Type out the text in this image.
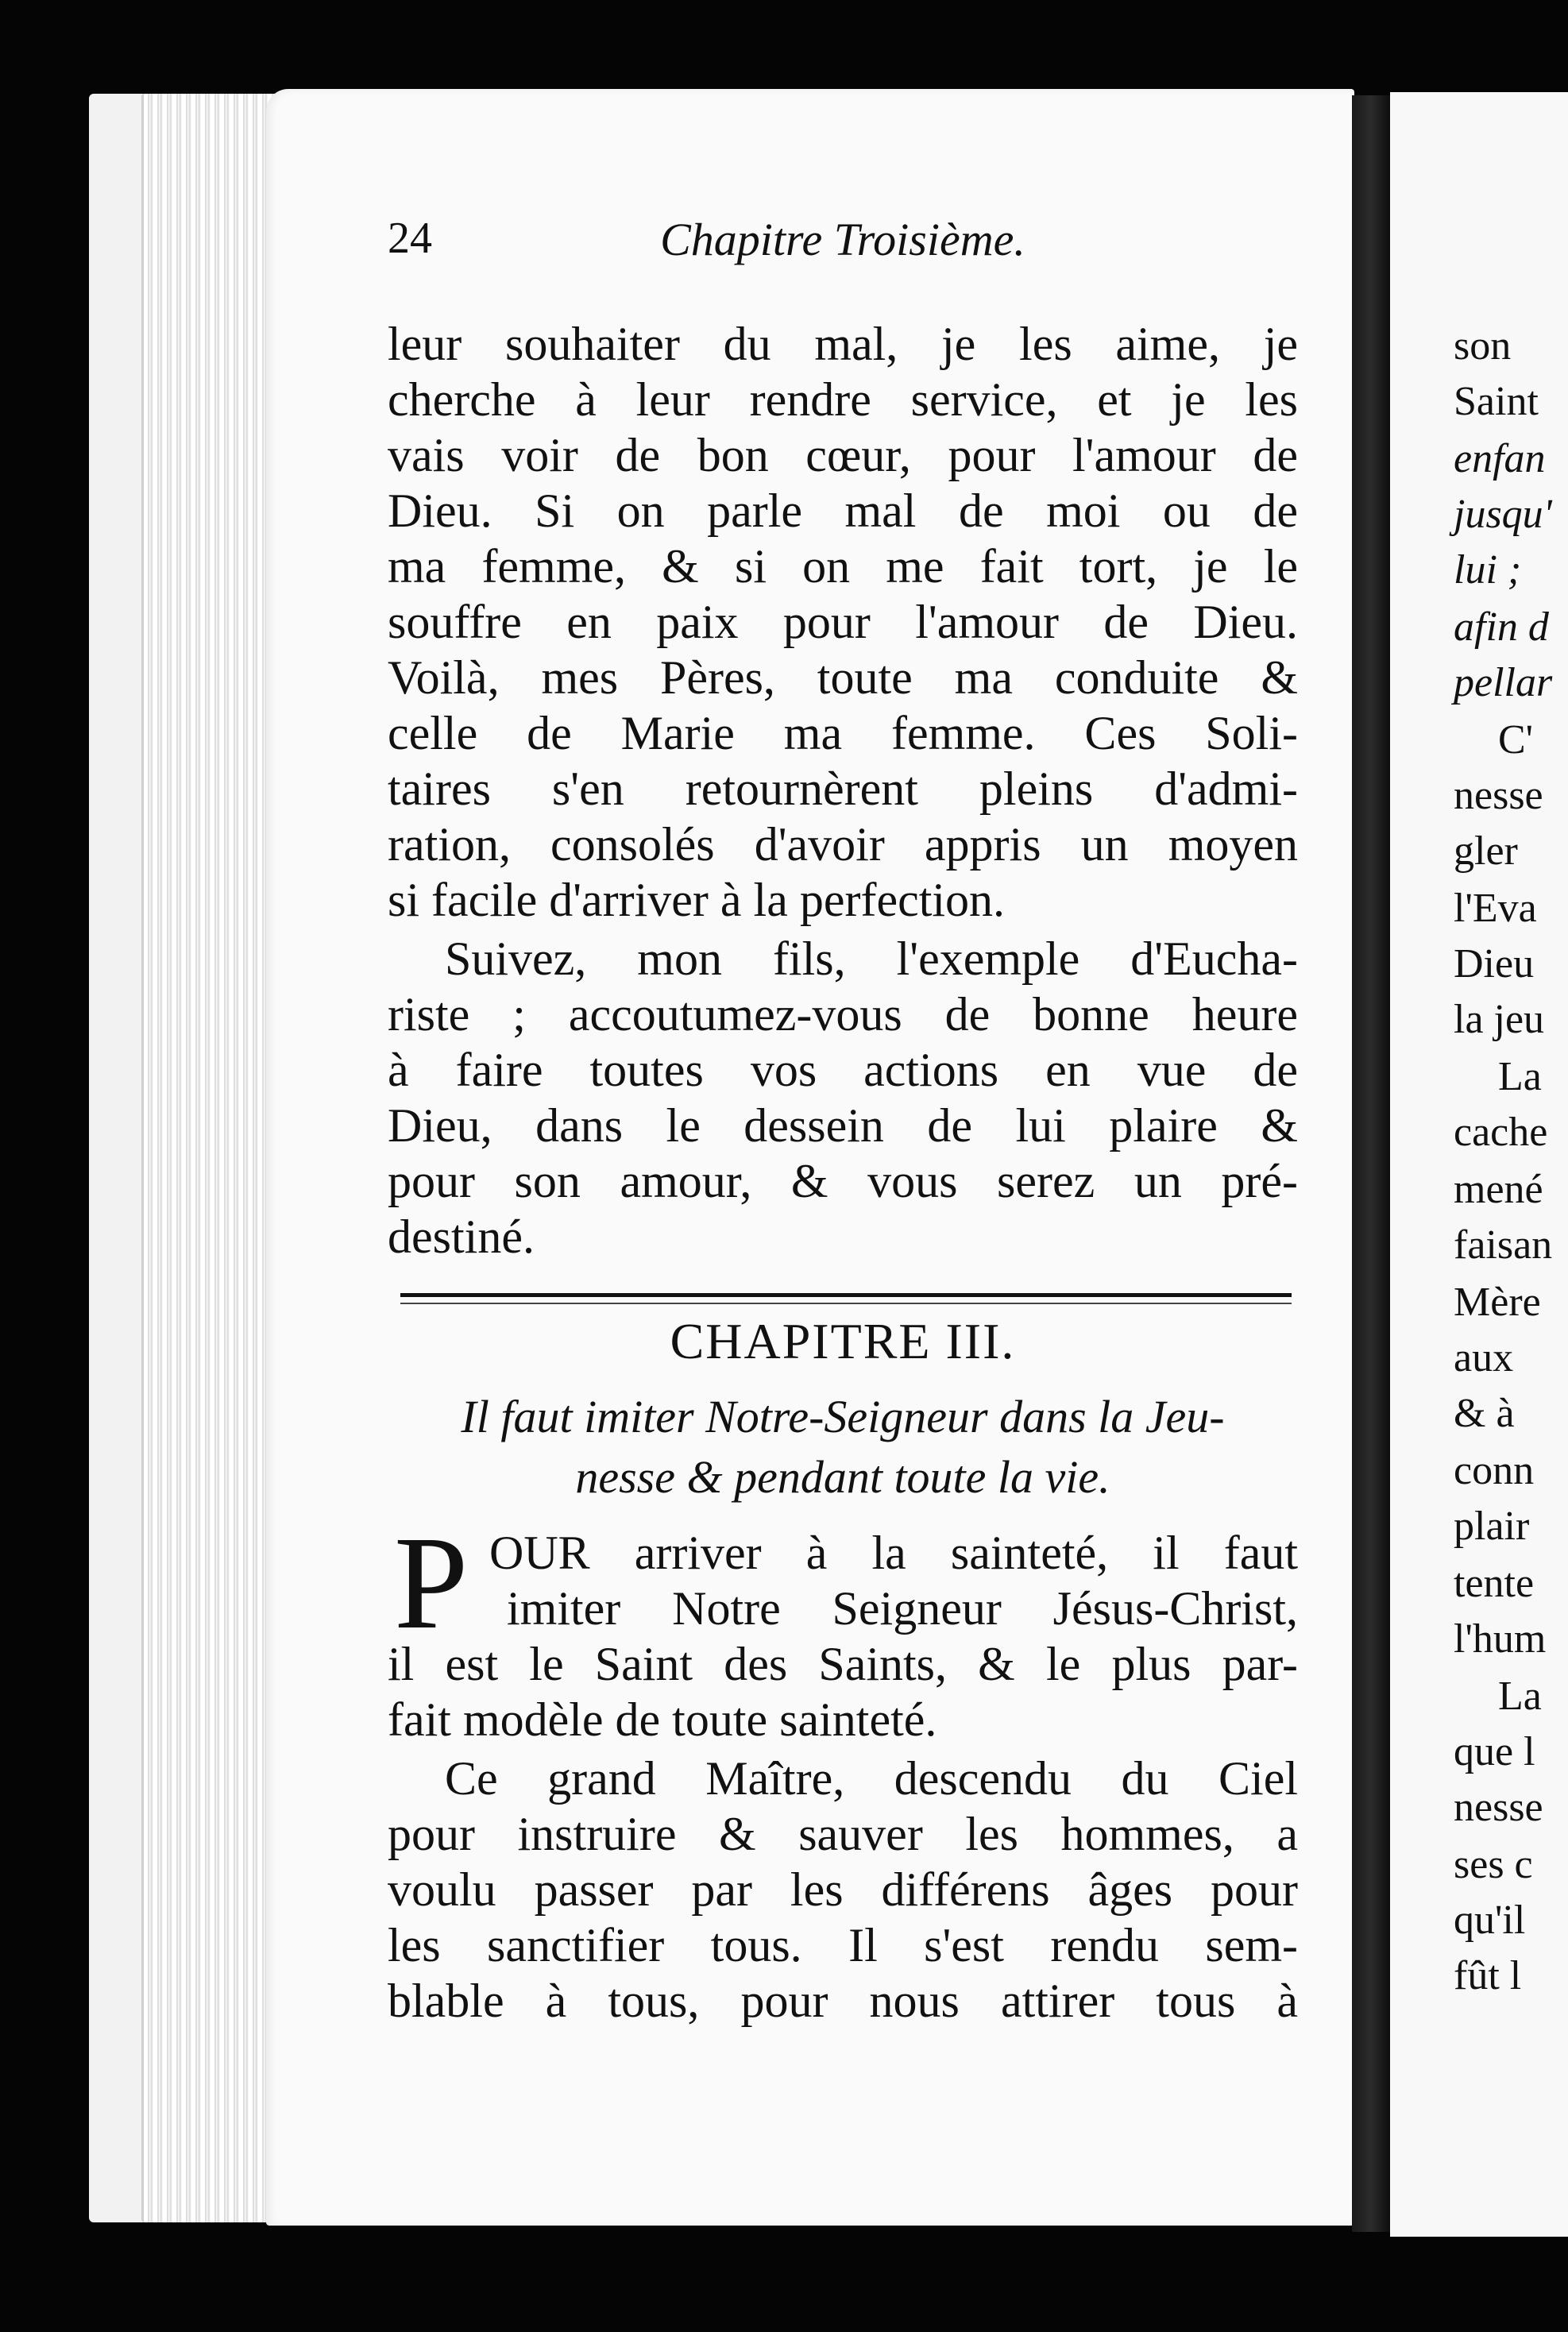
son
Saint
enfan
jusqu'
lui ;
afin d
pellar
C'
nesse
gler
l'Eva
Dieu
la jeu
La
cache
mené
faisan
Mère
aux
& à
conn
plair
tente
l'hum
La
que l
nesse
ses c
qu'il
fût l
24	Chapitre Troisième.
leur souhaiter du mal, je les aime, je
cherche à leur rendre service, et je les
vais voir de bon cœur, pour l'amour de
Dieu. Si on parle mal de moi ou de
ma femme, & si on me fait tort, je le
souffre en paix pour l'amour de Dieu.
Voilà, mes Pères, toute ma conduite &
celle de Marie ma femme. Ces Soli-
taires s'en retournèrent pleins d'admi-
ration, consolés d'avoir appris un moyen
si facile d'arriver à la perfection.
Suivez, mon fils, l'exemple d'Eucha-
riste ; accoutumez-vous de bonne heure
à faire toutes vos actions en vue de
Dieu, dans le dessein de lui plaire &
pour son amour, & vous serez un pré-
destiné.
CHAPITRE III.
Il faut imiter Notre-Seigneur dans la Jeu-
nesse & pendant toute la vie.
P OUR arriver à la sainteté, il faut
imiter Notre Seigneur Jésus-Christ,
il est le Saint des Saints, & le plus par-
fait modèle de toute sainteté.
Ce grand Maître, descendu du Ciel
pour instruire & sauver les hommes, a
voulu passer par les différens âges pour
les sanctifier tous. Il s'est rendu sem-
blable à tous, pour nous attirer tous à
